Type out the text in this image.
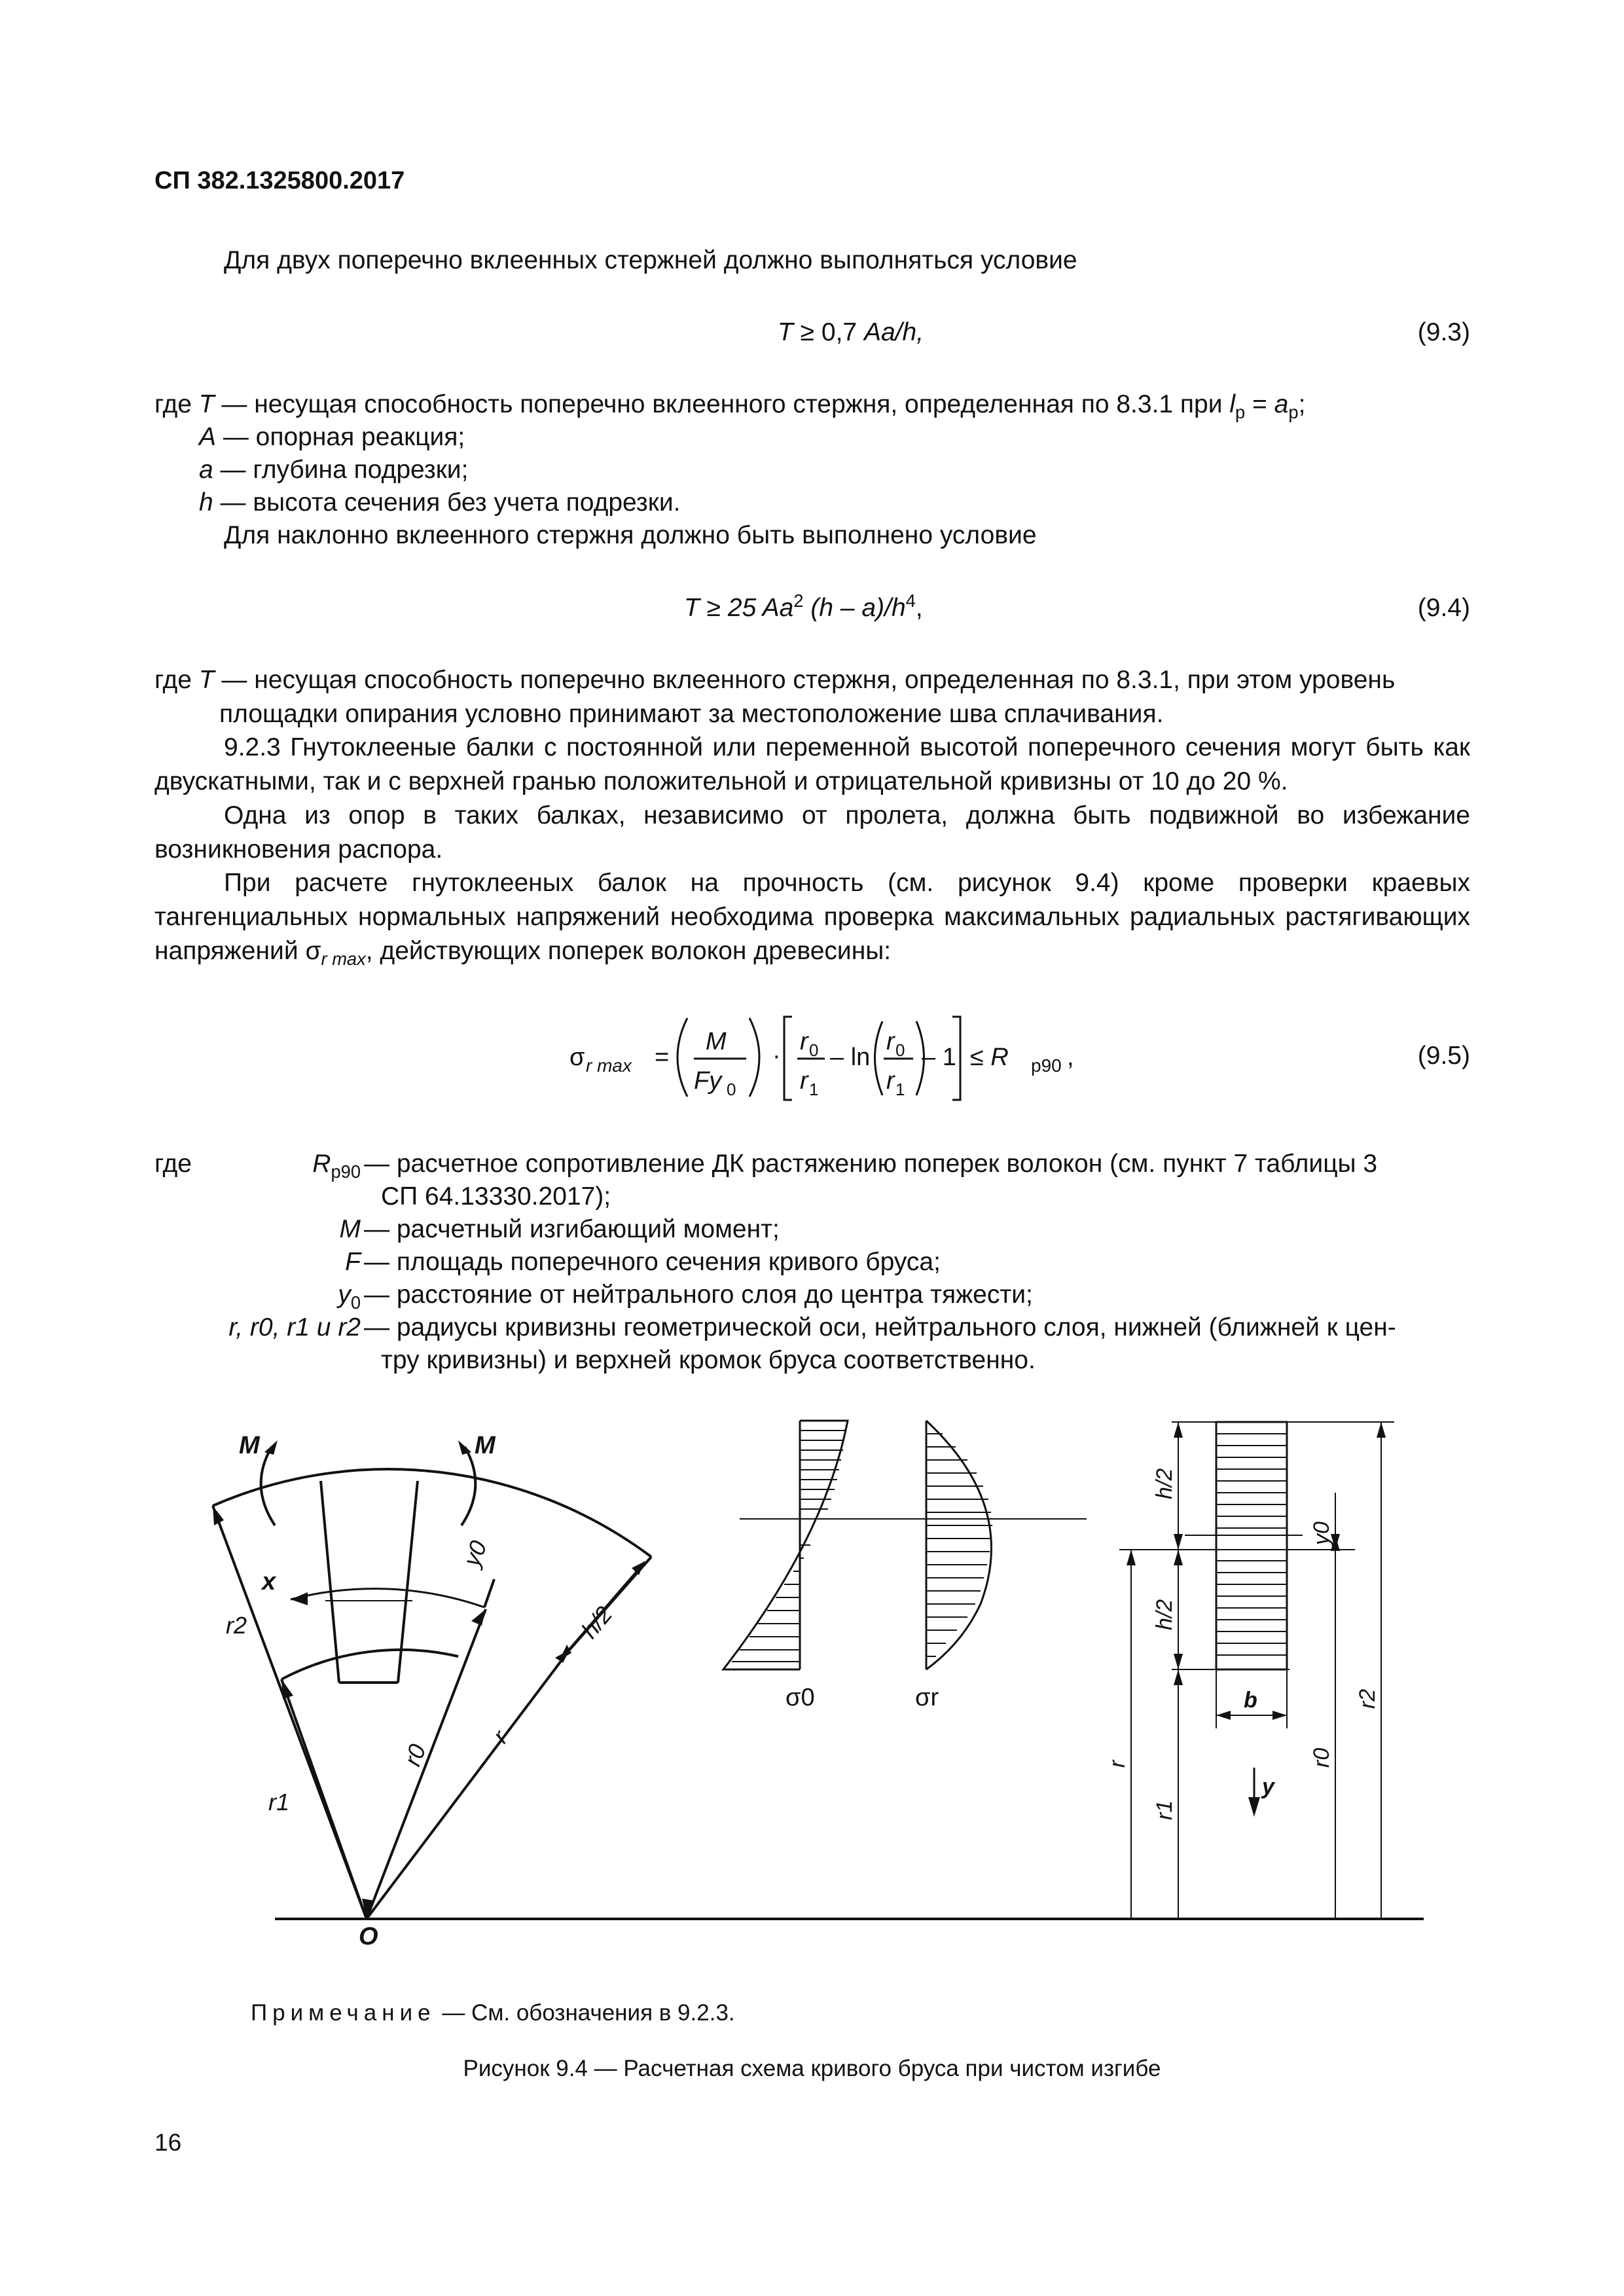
СП 382.1325800.2017
Для двух поперечно вклеенных стержней должно выполняться условие
T ≥ 0,7 Aa/h,	(9.3)
где T — несущая способность поперечно вклеенного стержня, определенная по 8.3.1 при $l_p = a_p$;
A — опорная реакция;
a — глубина подрезки;
h — высота сечения без учета подрезки.
Для наклонно вклеенного стержня должно быть выполнено условие
T ≥ 25 Aa$^2$ $(h - a)/h^4$,	(9.4)
где T — несущая способность поперечно вклеенного стержня, определенная по 8.3.1, при этом уровень
площадки опирания условно принимают за местоположение шва сплачивания.
9.2.3 Гнутоклееные балки с постоянной или переменной высотой поперечного сечения могут быть как двускатными, так и с верхней гранью положительной и отрицательной кривизны от 10 до 20 %.
Одна из опор в таких балках, независимо от пролета, должна быть подвижной во избежание возникновения распора.
При расчете гнутоклееных балок на прочность (см. рисунок 9.4) кроме проверки краевых тангенциальных нормальных напряжений необходима проверка максимальных радиальных растягивающих напряжений $\sigma_{r max}$, действующих поперек волокон древесины:
σ r max =
M
Fy 0
·
r 0
r 1
– ln
r 0
r 1
– 1 ≤ R p90 ,	(9.5)
где	$R_{p90}$ — расчетное сопротивление ДК растяжению поперек волокон (см. пункт 7 таблицы 3
СП 64.13330.2017);
M — расчетный изгибающий момент;
F — площадь поперечного сечения кривого бруса;
$y_0$ — расстояние от нейтрального слоя до центра тяжести;
r, r0, r1 и r2 — радиусы кривизны геометрической оси, нейтрального слоя, нижней (ближней к цен-
тру кривизны) и верхней кромок бруса соответственно.
M	M
x
O
r2
r1
r0
r
y0
h/2
σ0	σr
h/2
h/2
y0
r
r1
r0
r2
b
y
Примечание — См. обозначения в 9.2.3.
Рисунок 9.4 — Расчетная схема кривого бруса при чистом изгибе
16
